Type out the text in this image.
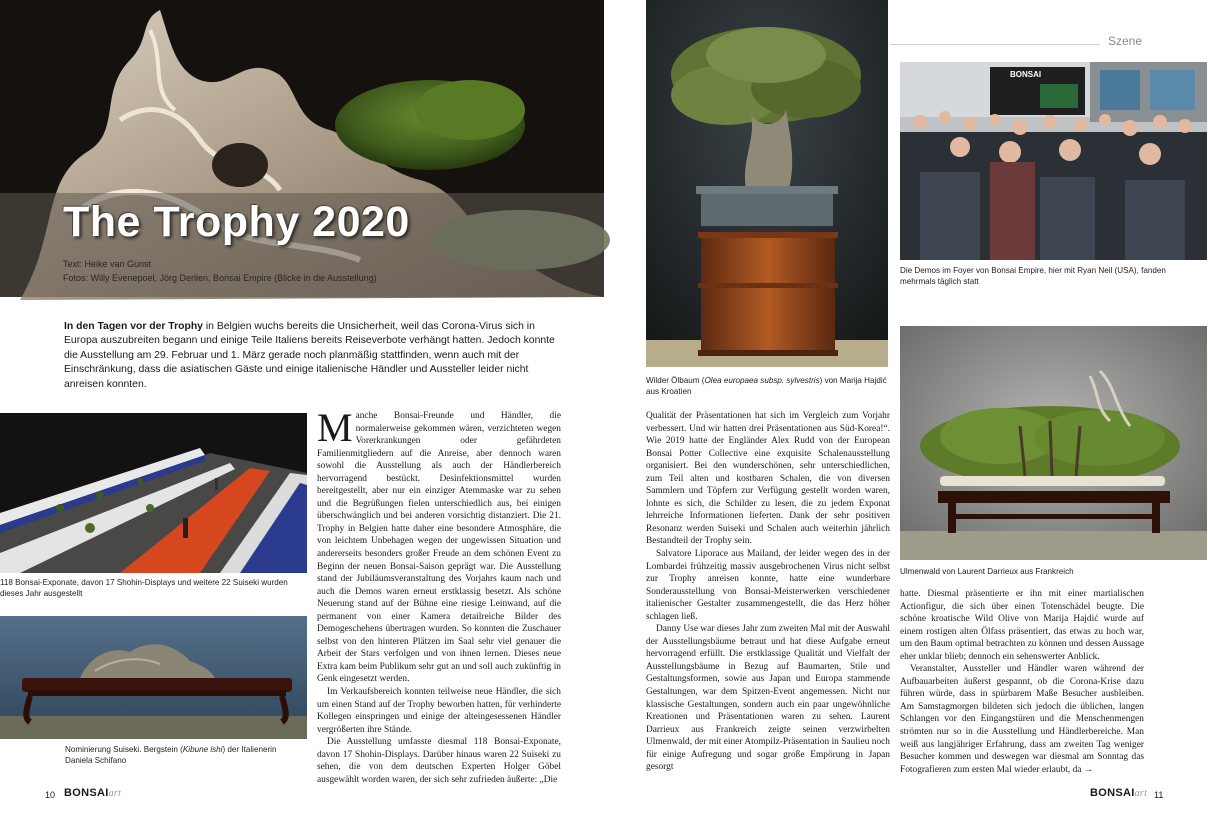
The Trophy 2020
Text: Heike van Gunst
Fotos: Willy Evenepoel, Jörg Derlien, Bonsai Empire (Blicke in die Ausstellung)
In den Tagen vor der Trophy in Belgien wuchs bereits die Unsicherheit, weil das Corona-Virus sich in Europa auszubreiten begann und einige Teile Italiens bereits Reiseverbote verhängt hatten. Jedoch konnte die Ausstellung am 29. Februar und 1. März gerade noch planmäßig stattfinden, wenn auch mit der Einschränkung, dass die asiatischen Gäste und einige italienische Händler und Aussteller leider nicht anreisen konnten.
118 Bonsai-Exponate, davon 17 Shohin-Displays und weitere 22 Suiseki wurden dieses Jahr ausgestellt
Nominierung Suiseki. Bergstein (Kibune ishi) der Italienerin Daniela Schifano

Manche Bonsai-Freunde und Händler, die normalerweise gekommen wären, verzichteten wegen Vorerkrankungen oder gefährdeten Familienmitgliedern auf die Anreise, aber dennoch waren sowohl die Ausstellung als auch der Händlerbereich hervorragend bestückt. Desinfektionsmittel wurden bereitgestellt, aber nur ein einziger Atemmaske war zu sehen und die Begrüßungen fielen unterschiedlich aus, bei einigen überschwänglich und bei anderen vorsichtig distanziert. Die 21. Trophy in Belgien hatte daher eine besondere Atmosphäre, die von leichtem Unbehagen wegen der ungewissen Situation und andererseits besonders großer Freude an dem schönen Event zu Beginn der neuen Bonsai-Saison geprägt war. Die Ausstellung stand der Jubiläumsveranstaltung des Vorjahrs kaum nach und auch die Demos waren erneut erstklassig besetzt. Als schöne Neuerung stand auf der Bühne eine riesige Leinwand, auf die permanent von einer Kamera detailreiche Bilder des Demogeschehens übertragen wurden. So konnten die Zuschauer selbst von den hinteren Plätzen im Saal sehr viel genauer die Arbeit der Stars verfolgen und von ihnen lernen. Dieses neue Extra kam beim Publikum sehr gut an und soll auch zukünftig in Genk eingesetzt werden.

Im Verkaufsbereich konnten teilweise neue Händler, die sich um einen Stand auf der Trophy beworben hatten, für verhinderte Kollegen einspringen und einige der alteingesessenen Händler vergrößerten ihre Stände.

Die Ausstellung umfasste diesmal 118 Bonsai-Exponate, davon 17 Shohin-Displays. Darüber hinaus waren 22 Suiseki zu sehen, die von dem deutschen Experten Holger Göbel ausgewählt worden waren, der sich sehr zufrieden äußerte: „Die

10 BONSAIart
Wilder Ölbaum (Olea europaea subsp. sylvestris) von Marija Hajdić aus Kroatien
Szene
BONSAI
Die Demos im Foyer von Bonsai Empire, hier mit Ryan Neil (USA), fanden mehrmals täglich statt
Ulmenwald von Laurent Darrieux aus Frankreich

Qualität der Präsentationen hat sich im Vergleich zum Vorjahr verbessert. Und wir hatten drei Präsentationen aus Süd-Korea!“. Wie 2019 hatte der Engländer Alex Rudd von der European Bonsai Potter Collective eine exquisite Schalenausstellung organisiert. Bei den wunderschönen, sehr unterschiedlichen, zum Teil alten und kostbaren Schalen, die von diversen Sammlern und Töpfern zur Verfügung gestellt worden waren, lohnte es sich, die Schilder zu lesen, die zu jedem Exponat lehrreiche Informationen lieferten. Dank der sehr positiven Resonanz werden Suiseki und Schalen auch weiterhin jährlich Bestandteil der Trophy sein.

Salvatore Liporace aus Mailand, der leider wegen des in der Lombardei frühzeitig massiv ausgebrochenen Virus nicht selbst zur Trophy anreisen konnte, hatte eine wunderbare Sonderausstellung von Bonsai-Meisterwerken verschiedener italienischer Gestalter zusammengestellt, die das Herz höher schlagen ließ.

Danny Use war dieses Jahr zum zweiten Mal mit der Auswahl der Ausstellungsbäume betraut und hat diese Aufgabe erneut hervorragend erfüllt. Die erstklassige Qualität und Vielfalt der Ausstellungsbäume in Bezug auf Baumarten, Stile und Gestaltungsformen, sowie aus Japan und Europa stammende Gestaltungen, war dem Spitzen-Event angemessen. Nicht nur klassische Gestaltungen, sondern auch ein paar ungewöhnliche Kreationen und Präsentationen waren zu sehen. Laurent Darrieux aus Frankreich zeigte seinen verzwirbelten Ulmenwald, der mit einer Atompilz-Präsentation in Saulieu noch für einige Aufregung und sogar große Empörung in Japan gesorgt

hatte. Diesmal präsentierte er ihn mit einer martialischen Actionfigur, die sich über einen Totenschädel beugte. Die schöne kroatische Wild Olive von Marija Hajdić wurde auf einem rostigen alten Ölfass präsentiert, das etwas zu hoch war, um den Baum optimal betrachten zu können und dessen Aussage eher unklar blieb; dennoch ein sehenswerter Anblick.

Veranstalter, Aussteller und Händler waren während der Aufbauarbeiten äußerst gespannt, ob die Corona-Krise dazu führen würde, dass in spürbarem Maße Besucher ausbleiben. Am Samstagmorgen bildeten sich jedoch die üblichen, langen Schlangen vor den Eingangstüren und die Menschenmengen strömten nur so in die Ausstellung und Händlerbereiche. Man weiß aus langjähriger Erfahrung, dass am zweiten Tag weniger Besucher kommen und deswegen war diesmal am Sonntag das Fotografieren zum ersten Mal wieder erlaubt, da →

BONSAIart 11
